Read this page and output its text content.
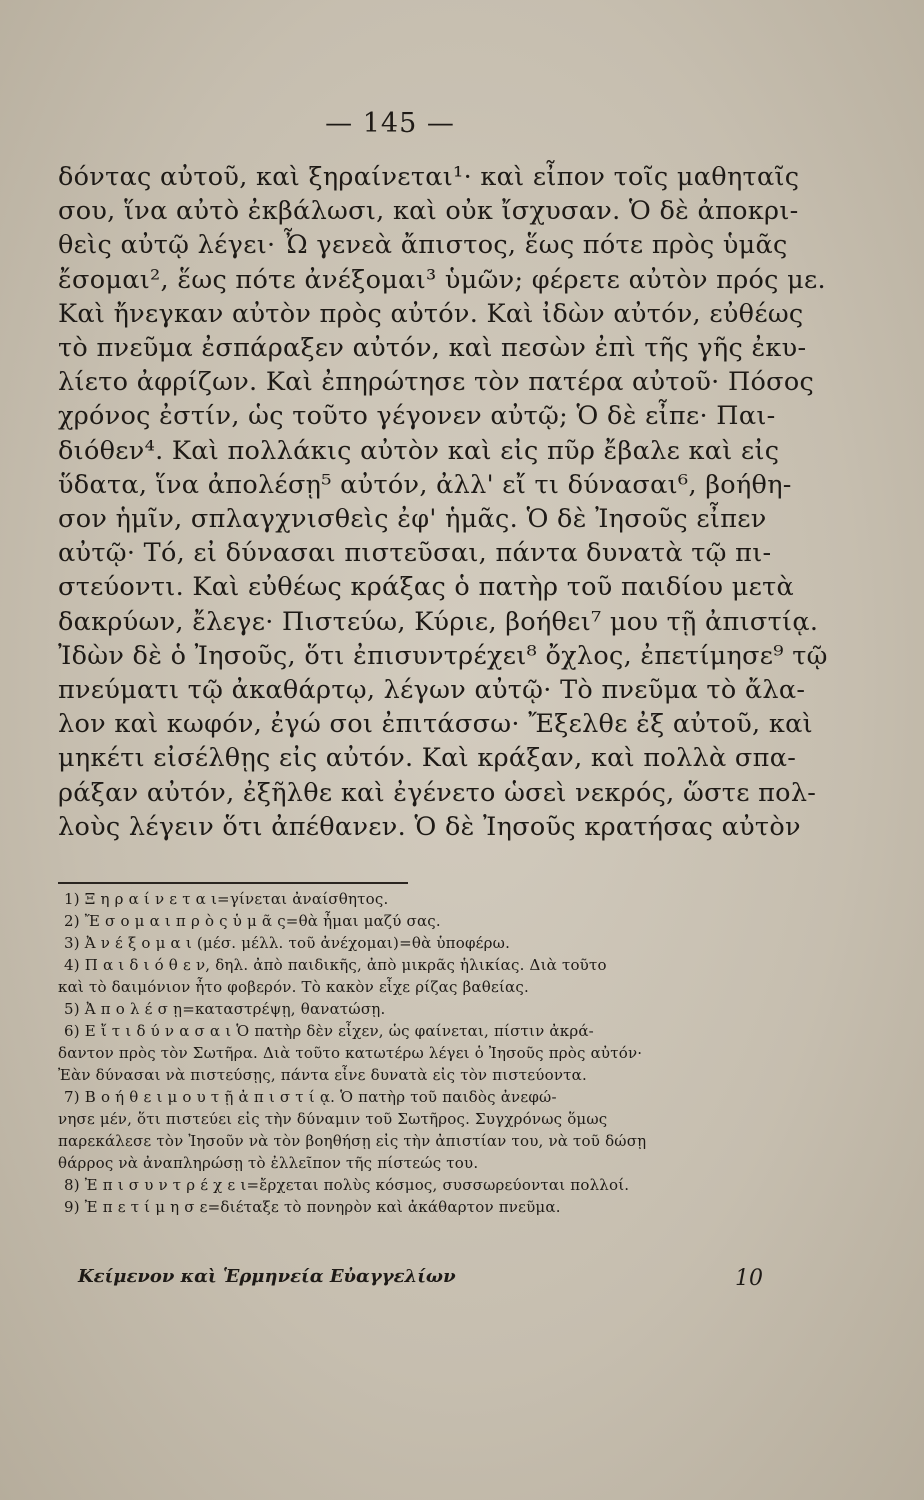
— 145 —
δόντας αὐτοῦ, καὶ ξηραίνεται¹· καὶ εἶπον τοῖς μαθηταῖς
σου, ἵνα αὐτὸ ἐκβάλωσι, καὶ οὐκ ἴσχυσαν. Ὁ δὲ ἀποκρι-
θεὶς αὐτῷ λέγει· Ὦ γενεὰ ἄπιστος, ἕως πότε πρὸς ὑμᾶς
ἔσομαι², ἕως πότε ἀνέξομαι³ ὑμῶν; φέρετε αὐτὸν πρός με.
Καὶ ἤνεγκαν αὐτὸν πρὸς αὐτόν. Καὶ ἰδὼν αὐτόν, εὐθέως
τὸ πνεῦμα ἐσπάραξεν αὐτόν, καὶ πεσὼν ἐπὶ τῆς γῆς ἐκυ-
λίετο ἀφρίζων. Καὶ ἐπηρώτησε τὸν πατέρα αὐτοῦ· Πόσος
χρόνος ἐστίν, ὡς τοῦτο γέγονεν αὐτῷ; Ὁ δὲ εἶπε· Παι-
διόθεν⁴. Καὶ πολλάκις αὐτὸν καὶ εἰς πῦρ ἔβαλε καὶ εἰς
ὕδατα, ἵνα ἀπολέσῃ⁵ αὐτόν, ἀλλ' εἴ τι δύνασαι⁶, βοήθη-
σον ἡμῖν, σπλαγχνισθεὶς ἐφ' ἡμᾶς. Ὁ δὲ Ἰησοῦς εἶπεν
αὐτῷ· Τό, εἰ δύνασαι πιστεῦσαι, πάντα δυνατὰ τῷ πι-
στεύοντι. Καὶ εὐθέως κράξας ὁ πατὴρ τοῦ παιδίου μετὰ
δακρύων, ἔλεγε· Πιστεύω, Κύριε, βοήθει⁷ μου τῇ ἀπιστίᾳ.
Ἰδὼν δὲ ὁ Ἰησοῦς, ὅτι ἐπισυντρέχει⁸ ὄχλος, ἐπετίμησε⁹ τῷ
πνεύματι τῷ ἀκαθάρτῳ, λέγων αὐτῷ· Τὸ πνεῦμα τὸ ἄλα-
λον καὶ κωφόν, ἐγώ σοι ἐπιτάσσω· Ἔξελθε ἐξ αὐτοῦ, καὶ
μηκέτι εἰσέλθῃς εἰς αὐτόν. Καὶ κράξαν, καὶ πολλὰ σπα-
ράξαν αὐτόν, ἐξῆλθε καὶ ἐγένετο ὡσεὶ νεκρός, ὥστε πολ-
λοὺς λέγειν ὅτι ἀπέθανεν. Ὁ δὲ Ἰησοῦς κρατήσας αὐτὸν
1) Ξ η ρ α ί ν ε τ α ι=γίνεται ἀναίσθητος.
2) Ἔ σ ο μ α ι π ρ ὸ ς ὑ μ ᾶ ς=θὰ ἦμαι μαζύ σας.
3) Ἀ ν έ ξ ο μ α ι (μέσ. μέλλ. τοῦ ἀνέχομαι)=θὰ ὑποφέρω.
4) Π α ι δ ι ό θ ε ν, δηλ. ἀπὸ παιδικῆς, ἀπὸ μικρᾶς ἡλικίας. Διὰ τοῦτο
καὶ τὸ δαιμόνιον ἦτο φοβερόν. Τὸ κακὸν εἶχε ρίζας βαθείας.
5) Ἀ π ο λ έ σ ῃ=καταστρέψῃ, θανατώσῃ.
6) Ε ἴ τ ι δ ύ ν α σ α ι Ὁ πατὴρ δὲν εἶχεν, ὡς φαίνεται, πίστιν ἀκρά-
δαντον πρὸς τὸν Σωτῆρα. Διὰ τοῦτο κατωτέρω λέγει ὁ Ἰησοῦς πρὸς αὐτόν·
Ἐὰν δύνασαι νὰ πιστεύσῃς, πάντα εἶνε δυνατὰ εἰς τὸν πιστεύοντα.
7) Β ο ή θ ε ι μ ο υ τ ῇ ἀ π ι σ τ ί ᾳ. Ὁ πατὴρ τοῦ παιδὸς ἀνεφώ-
νησε μέν, ὅτι πιστεύει εἰς τὴν δύναμιν τοῦ Σωτῆρος. Συγχρόνως ὅμως
παρεκάλεσε τὸν Ἰησοῦν νὰ τὸν βοηθήσῃ εἰς τὴν ἀπιστίαν του, νὰ τοῦ δώσῃ
θάρρος νὰ ἀναπληρώσῃ τὸ ἐλλεῖπον τῆς πίστεώς του.
8) Ἐ π ι σ υ ν τ ρ έ χ ε ι=ἔρχεται πολὺς κόσμος, συσσωρεύονται πολλοί.
9) Ἐ π ε τ ί μ η σ ε=διέταξε τὸ πονηρὸν καὶ ἀκάθαρτον πνεῦμα.
Κείμενον καὶ Ἑρμηνεία Εὐαγγελίων	10
